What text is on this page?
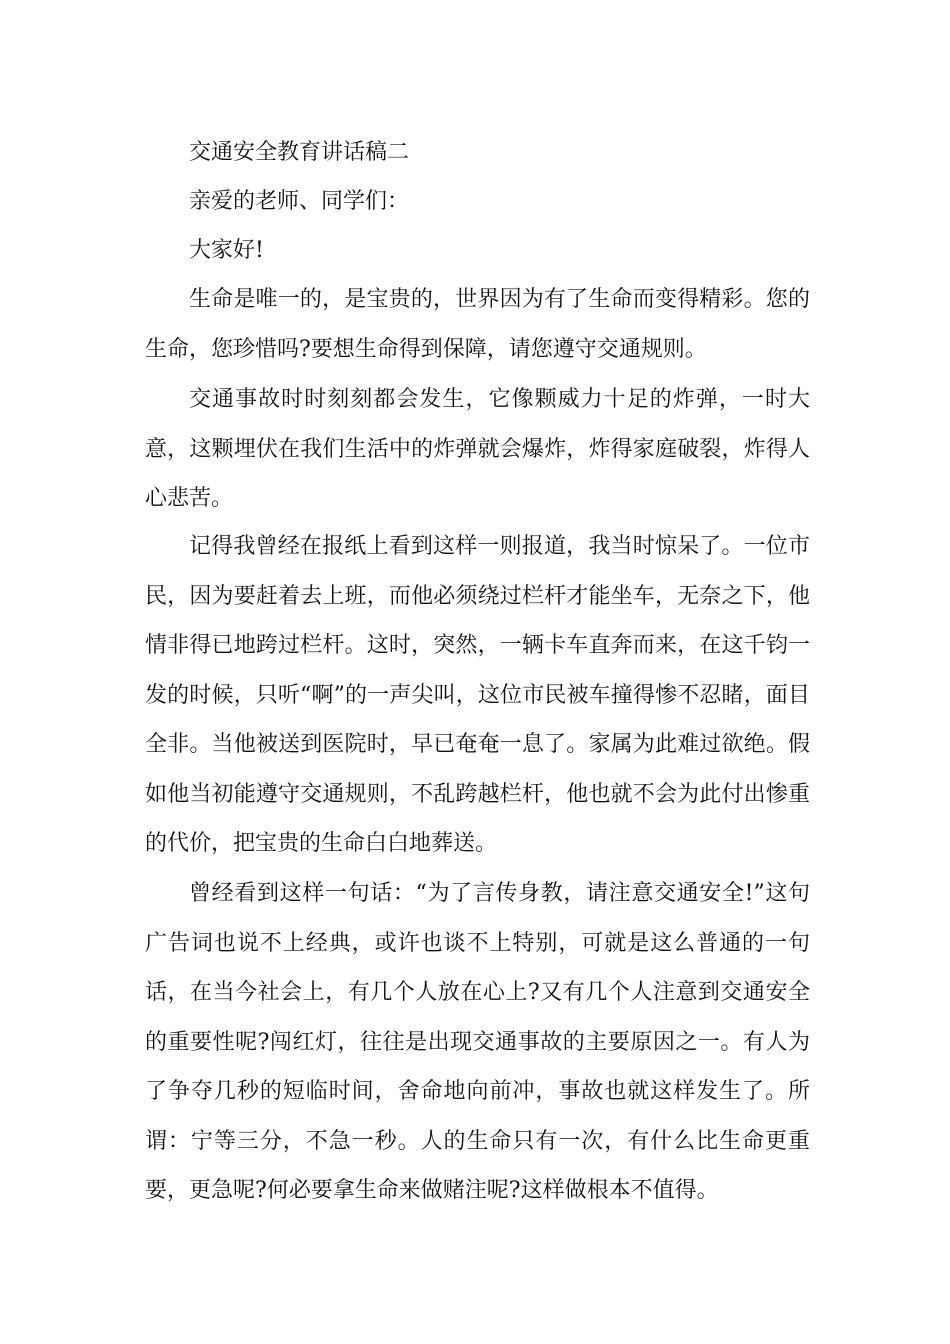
交通安全教育讲话稿二

亲爱的老师、同学们：

大家好!

生命是唯一的，是宝贵的，世界因为有了生命而变得精彩。您的生命，您珍惜吗?要想生命得到保障，请您遵守交通规则。

交通事故时时刻刻都会发生，它像颗威力十足的炸弹，一时大意，这颗埋伏在我们生活中的炸弹就会爆炸，炸得家庭破裂，炸得人心悲苦。

记得我曾经在报纸上看到这样一则报道，我当时惊呆了。一位市民，因为要赶着去上班，而他必须绕过栏杆才能坐车，无奈之下，他情非得已地跨过栏杆。这时，突然，一辆卡车直奔而来，在这千钧一发的时候，只听“啊”的一声尖叫，这位市民被车撞得惨不忍睹，面目全非。当他被送到医院时，早已奄奄一息了。家属为此难过欲绝。假如他当初能遵守交通规则，不乱跨越栏杆，他也就不会为此付出惨重的代价，把宝贵的生命白白地葬送。

曾经看到这样一句话：“为了言传身教，请注意交通安全!”这句广告词也说不上经典，或许也谈不上特别，可就是这么普通的一句话，在当今社会上，有几个人放在心上?又有几个人注意到交通安全的重要性呢?闯红灯，往往是出现交通事故的主要原因之一。有人为了争夺几秒的短临时间，舍命地向前冲，事故也就这样发生了。所谓：宁等三分，不急一秒。人的生命只有一次，有什么比生命更重要，更急呢?何必要拿生命来做赌注呢?这样做根本不值得。
